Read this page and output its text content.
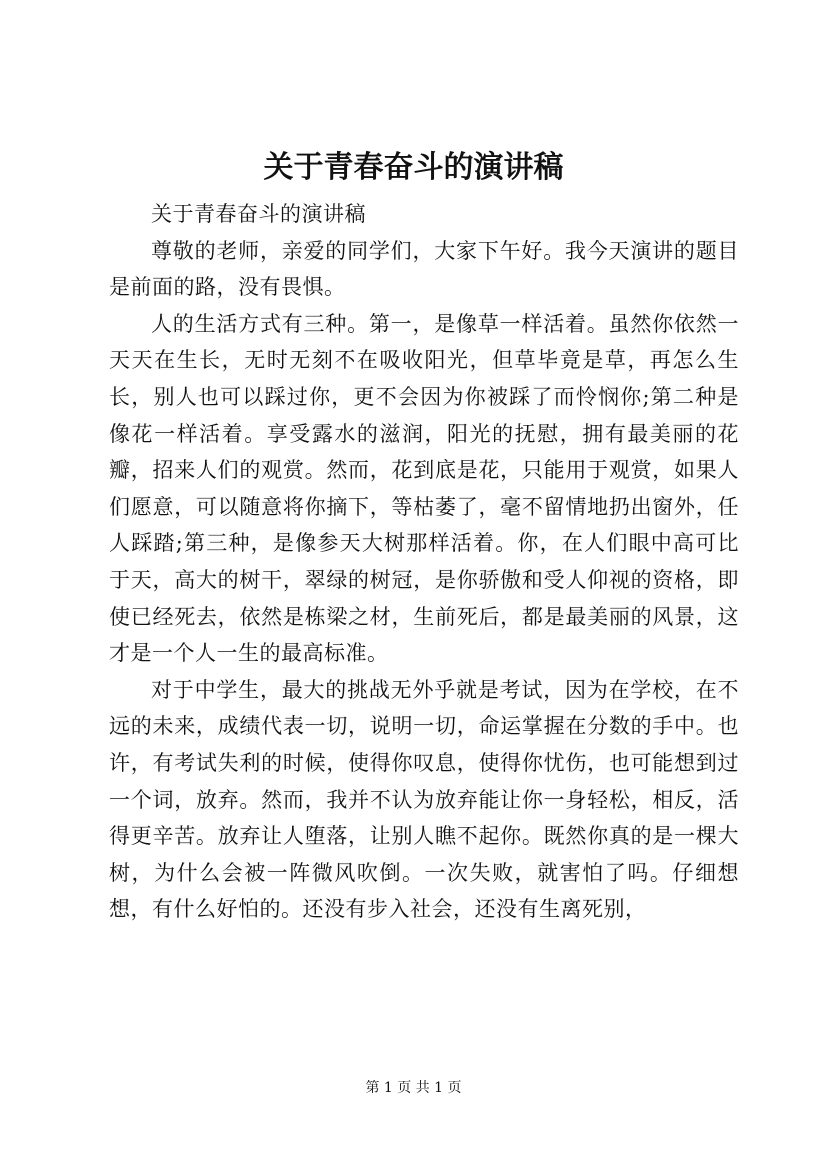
关于青春奋斗的演讲稿

关于青春奋斗的演讲稿

尊敬的老师，亲爱的同学们，大家下午好。我今天演讲的题目是前面的路，没有畏惧。

人的生活方式有三种。第一，是像草一样活着。虽然你依然一天天在生长，无时无刻不在吸收阳光，但草毕竟是草，再怎么生长，别人也可以踩过你，更不会因为你被踩了而怜悯你;第二种是像花一样活着。享受露水的滋润，阳光的抚慰，拥有最美丽的花瓣，招来人们的观赏。然而，花到底是花，只能用于观赏，如果人们愿意，可以随意将你摘下，等枯萎了，毫不留情地扔出窗外，任人踩踏;第三种，是像参天大树那样活着。你，在人们眼中高可比于天，高大的树干，翠绿的树冠，是你骄傲和受人仰视的资格，即使已经死去，依然是栋梁之材，生前死后，都是最美丽的风景，这才是一个人一生的最高标准。

对于中学生，最大的挑战无外乎就是考试，因为在学校，在不远的未来，成绩代表一切，说明一切，命运掌握在分数的手中。也许，有考试失利的时候，使得你叹息，使得你忧伤，也可能想到过一个词，放弃。然而，我并不认为放弃能让你一身轻松，相反，活得更辛苦。放弃让人堕落，让别人瞧不起你。既然你真的是一棵大树，为什么会被一阵微风吹倒。一次失败，就害怕了吗。仔细想想，有什么好怕的。还没有步入社会，还没有生离死别，

第 1 页 共 1 页
